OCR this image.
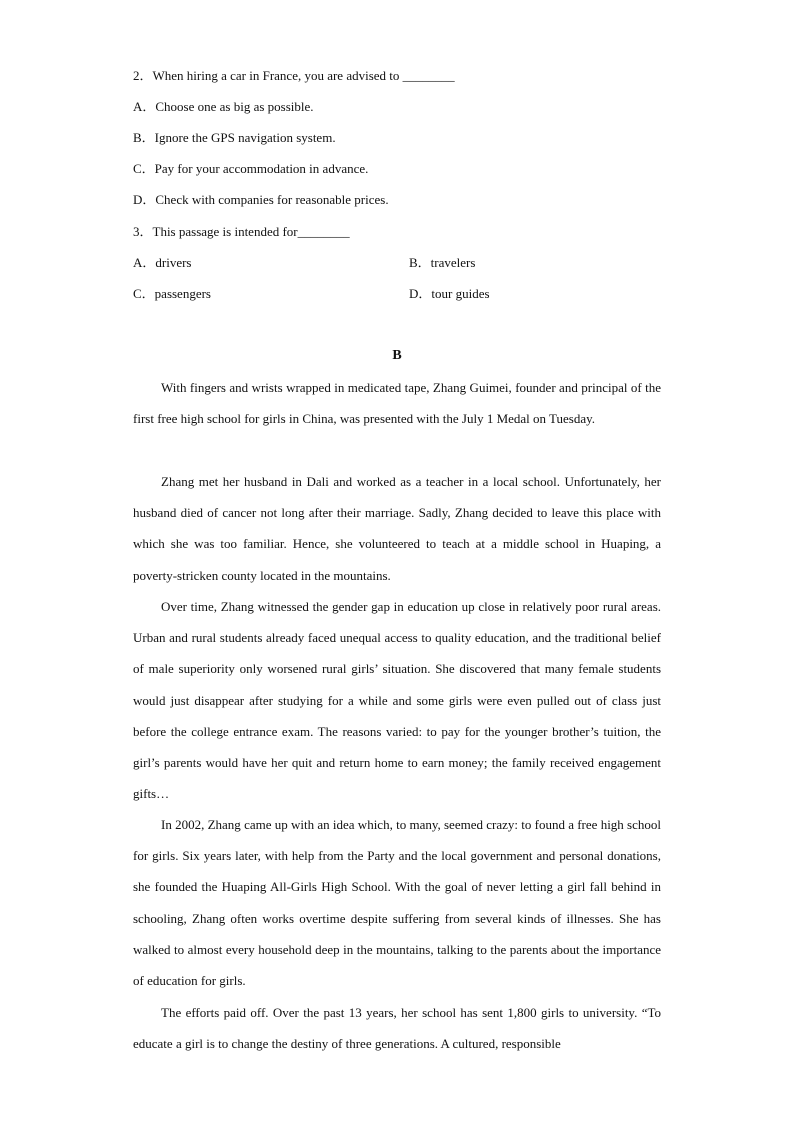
2．When hiring a car in France, you are advised to ________
A．Choose one as big as possible.
B．Ignore the GPS navigation system.
C．Pay for your accommodation in advance.
D．Check with companies for reasonable prices.
3．This passage is intended for________
A．drivers	B．travelers
C．passengers	D．tour guides
B

With fingers and wrists wrapped in medicated tape, Zhang Guimei, founder and principal of the first free high school for girls in China, was presented with the July 1 Medal on Tuesday.

Zhang met her husband in Dali and worked as a teacher in a local school. Unfortunately, her husband died of cancer not long after their marriage. Sadly, Zhang decided to leave this place with which she was too familiar. Hence, she volunteered to teach at a middle school in Huaping, a poverty-stricken county located in the mountains.

Over time, Zhang witnessed the gender gap in education up close in relatively poor rural areas. Urban and rural students already faced unequal access to quality education, and the traditional belief of male superiority only worsened rural girls’ situation. She discovered that many female students would just disappear after studying for a while and some girls were even pulled out of class just before the college entrance exam. The reasons varied: to pay for the younger brother’s tuition, the girl’s parents would have her quit and return home to earn money; the family received engagement gifts…

In 2002, Zhang came up with an idea which, to many, seemed crazy: to found a free high school for girls. Six years later, with help from the Party and the local government and personal donations, she founded the Huaping All-Girls High School. With the goal of never letting a girl fall behind in schooling, Zhang often works overtime despite suffering from several kinds of illnesses. She has walked to almost every household deep in the mountains, talking to the parents about the importance of education for girls.

The efforts paid off. Over the past 13 years, her school has sent 1,800 girls to university. “To educate a girl is to change the destiny of three generations. A cultured, responsible
